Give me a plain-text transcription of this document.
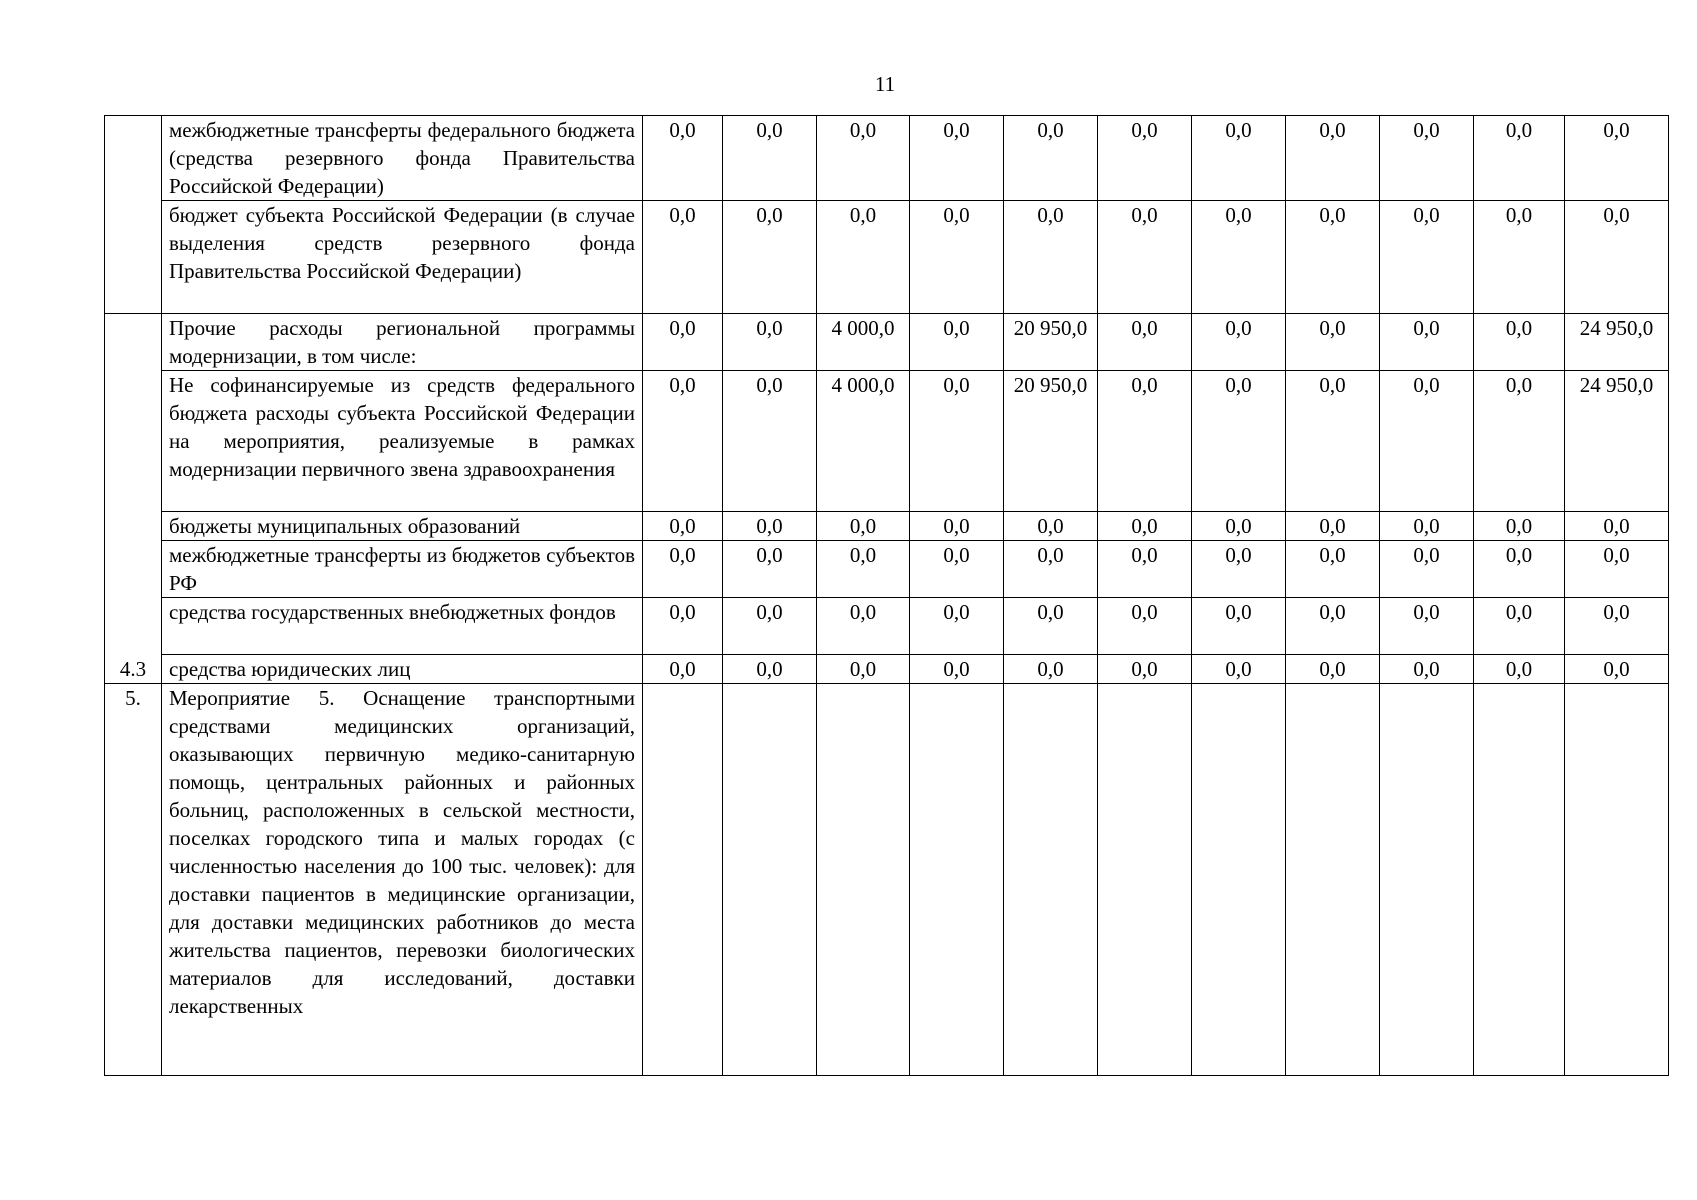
11
	межбюджетные трансферты федерального бюджета (средства резервного фонда Правительства Российской Федерации)	0,0	0,0	0,0	0,0	0,0	0,0	0,0	0,0	0,0	0,0	0,0
	бюджет субъекта Российской Федерации (в случае выделения средств резервного фонда Правительства Российской Федерации)	0,0	0,0	0,0	0,0	0,0	0,0	0,0	0,0	0,0	0,0	0,0
4.3	Прочие расходы региональной программы модернизации, в том числе:	0,0	0,0	4 000,0	0,0	20 950,0	0,0	0,0	0,0	0,0	0,0	24 950,0
	Не софинансируемые из средств федерального бюджета расходы субъекта Российской Федерации на мероприятия, реализуемые в рамках модернизации первичного звена здравоохранения	0,0	0,0	4 000,0	0,0	20 950,0	0,0	0,0	0,0	0,0	0,0	24 950,0
	бюджеты муниципальных образований	0,0	0,0	0,0	0,0	0,0	0,0	0,0	0,0	0,0	0,0	0,0
	межбюджетные трансферты из бюджетов субъектов РФ	0,0	0,0	0,0	0,0	0,0	0,0	0,0	0,0	0,0	0,0	0,0
	средства государственных внебюджетных фондов	0,0	0,0	0,0	0,0	0,0	0,0	0,0	0,0	0,0	0,0	0,0
	средства юридических лиц	0,0	0,0	0,0	0,0	0,0	0,0	0,0	0,0	0,0	0,0	0,0
5.	Мероприятие 5. Оснащение транспортными средствами медицинских организаций, оказывающих первичную медико-санитарную помощь, центральных районных и районных больниц, расположенных в сельской местности, поселках городского типа и малых городах (с численностью населения до 100 тыс. человек): для доставки пациентов в медицинские организации, для доставки медицинских работников до места жительства пациентов, перевозки биологических материалов для исследований, доставки лекарственных											
